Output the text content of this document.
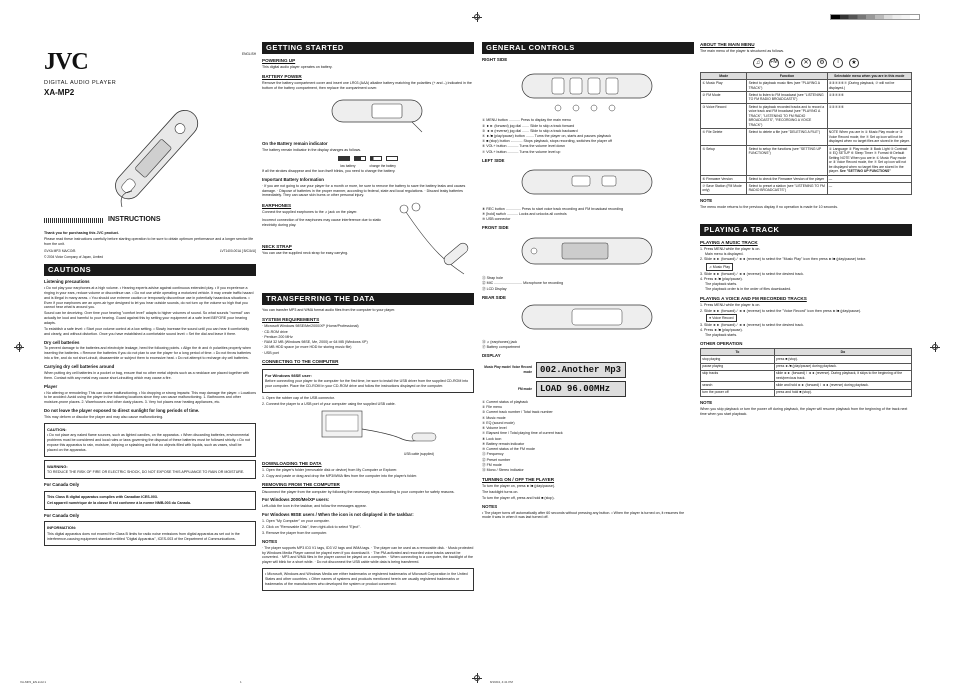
JVC
DIGITAL AUDIO PLAYER
XA-MP2
ENGLISH
INSTRUCTIONS

Thank you for purchasing this JVC product.

Please read these instructions carefully before starting operation to be sure to obtain optimum performance and a longer service life from the unit.

GVXA MP2/ MA/CO/B

© 2004 Victor Company of Japan, Limited

LVT1400-001A [ B/C/A/U]

CAUTIONS

Listening precautions

• Do not play your earphones at a high volume. • Hearing experts advise against continuous extended play. • If you experience a ringing in your ears, reduce volume or discontinue use. • Do not use while operating a motorized vehicle. It may create traffic hazard and is illegal in many areas. • You should use extreme caution or temporarily discontinue use in potentially hazardous situations. • Even if your earphones are an open-air type designed to let you hear outside sounds, do not turn up the volume so high that you cannot hear what is around you.

Sound can be deceiving. Over time your hearing "comfort level" adapts to higher volumes of sound. So what sounds "normal" can actually be loud and harmful to your hearing. Guard against this by setting your equipment at a safe level BEFORE your hearing adapts.

To establish a safe level: • Start your volume control at a low setting. • Slowly increase the sound until you can hear it comfortably and clearly, and without distortion. Once you have established a comfortable sound level: • Set the dial and leave it there.

Dry cell batteries

To prevent damage to the batteries and electrolyte leakage, heed the following points. • Align the ⊕ and ⊖ polarities properly when inserting the batteries. • Remove the batteries if you do not plan to use the player for a long period of time. • Do not throw batteries into a fire, and do not short-circuit, disassemble or subject them to excessive heat. • Do not attempt to recharge dry cell batteries.

Carrying dry cell batteries around

When putting dry cell batteries in a pocket or bag, ensure that no other metal objects such as a necklace are placed together with them. Contact with any metal may cause short-circuiting which may cause a fire.

Player

• No altering or remodeling: This can cause malfunctioning. • No dropping or strong impacts: This may damage the player. • Locations to be avoided: Avoid using the player in the following locations since they can cause malfunctioning. 1. Bathrooms and other moisture-prone places. 2. Warehouses and other dusty places. 3. Very hot places near heating appliances, etc.

Do not leave the player exposed to direct sunlight for long periods of time.

This may deform or discolor the player and may also cause malfunctioning.

CAUTION:

• Do not place any naked flame sources, such as lighted candles, on the apparatus. • When discarding batteries, environmental problems must be considered and local rules or laws governing the disposal of these batteries must be followed strictly. • Do not expose this apparatus to rain, moisture, dripping or splashing and that no objects filled with liquids, such as vases, shall be placed on the apparatus.

WARNING:

TO REDUCE THE RISK OF FIRE OR ELECTRIC SHOCK, DO NOT EXPOSE THIS APPLIANCE TO RAIN OR MOISTURE.

For Canada Only

This Class B digital apparatus complies with Canadian ICES-003.

Cet appareil numérique de la classe B est conforme à la norme NMB-003 du Canada.

For Canada Only

INFORMATION:

This digital apparatus does not exceed the Class B limits for radio noise emissions from digital apparatus as set out in the interference-causing equipment standard entitled "Digital Apparatus", ICES-003 of the Department of Communications.

GETTING STARTED

POWERING UP

This digital audio player operates on battery.

BATTERY POWER

Remove the battery compartment cover and insert one LR03 (AAA) alkaline battery matching the polarities (+ and –) indicated in the bottom of the battery compartment, then replace the compartment cover.

On the Battery remain indicator

The battery remain indicator in the display changes as follows.

low battery	change the battery

If all the strokes disappear and the icon itself blinks, you need to change the battery.

Important Battery Information

· If you are not going to use your player for a month or more, be sure to remove the battery to save the battery leaks and causes damage. · Dispose of batteries in the proper manner, according to federal, state and local regulations. · Discard leaky batteries immediately. They can cause skin burns or other personal injury.

EARPHONES

Connect the supplied earphones to the ♫ jack on the player.

Incorrect connection of the earphones may cause interference due to static electricity during play.

NECK STRAP

You can use the supplied neck strap for easy carrying.

TRANSFERRING THE DATA

You can transfer MP3 and WMA format audio files from the computer to your player.

SYSTEM REQUIREMENTS

· Microsoft Windows 98SE/Me/2000/XP (Home/Professional)

· CD-ROM drive

· Pentium 200 MHz

· RAM 32 MB (Windows 98SE, Me, 2000) or 64 MB (Windows XP)

· 20 MB HDD space (or more HDD for storing music file)

· USB port

CONNECTING TO THE COMPUTER

For Windows 98SE user:

Before connecting your player to the computer for the first time, be sure to install the USB driver from the supplied CD-ROM into your computer. Place the CD-ROM in your CD-ROM drive and follow the instructions displayed on the computer.

1. Open the rubber cap of the USB connector.

2. Connect the player to a USB port of your computer using the supplied USB cable.

USB cable (supplied)

DOWNLOADING THE DATA

1. Open the player's folder (removable disk or device) from My Computer or Explorer.

2. Copy and paste or drag and drop the MP3/WMA files from the computer into the player's folder.

REMOVING FROM THE COMPUTER

Disconnect the player from the computer by following the necessary steps according to your computer for safety reasons.

For Windows 2000/Me/XP users:

Left-click the icon in the taskbar, and follow the messages appear.

For Windows 98SE users / When the icon is not displayed in the taskbar:

1. Open "My Computer" on your computer.

2. Click on "Removable Disk", then right-click to select "Eject".

3. Remove the player from the computer.

NOTES

· The player supports MP3 ID3 V1 tags, ID3 V2 tags and WMA tags. · The player can be used as a removable disk. · Music protected by Windows Media Player cannot be played even if you download it. · The PM-activated and recorded voice tracks cannot be converted. · MP3 and WMA files in the player cannot be played on a computer. · When connecting to a computer, the backlight of the player will blink for a short while. · Do not disconnect the USB cable while data is being transferred.

• Microsoft, Windows and Windows Media are either trademarks or registered trademarks of Microsoft Corporation in the United States and other countries. • Other names of systems and products mentioned herein are usually registered trademarks or trademarks of the manufacturers who developed the system or product concerned.

GENERAL CONTROLS

RIGHT SIDE

① MENU button ........... Press to display the main menu

② ►► (forward) jog dial ....... Slide to skip a track forward

③ ◄◄ (reverse) jog dial ....... Slide to skip a track backward

④ ►/■ (play/pause) button ........ Turns the player on, starts and pauses playback

⑤ ■ (stop) button ............ Stops playback, stops recording, switches the player off

⑥ VOL+ button ........... Turns the volume level down

⑦ VOL+ button ........... Turns the volume level up

LEFT SIDE

⑧ REC button ............... Press to start voice track recording and FM broadcast recording

⑨ [hold] switch ........... Locks and unlocks all controls

⑩ USB connector

FRONT SIDE

⑪ Strap hole

⑫ MIC ............................ Microphone for recording

⑬ LCD Display

REAR SIDE

⑭ ♫ (earphones) jack

⑮ Battery compartment

DISPLAY

Music Play mode/ Voice Record mode 002.Another Mp3

FM mode LOAD 96.00MHz

① Current status of playback

② File menu

③ Current track number / Total track number

④ Music mode

⑤ EQ (sound mode)

⑥ Volume level

⑦ Elapsed time / Total playing time of current track

⑧ Lock icon

⑨ Battery remain indicator

⑩ Current status of the FM mode

⑪ Frequency

⑫ Preset number

⑬ FM mode

⑭ Mono / Stereo indicator

TURNING ON / OFF THE PLAYER

To turn the player on, press ►/■ (play/pause).

The backlight turns on.

To turn the player off, press and hold ■ (stop).

NOTES

• The player turns off automatically after 60 seconds without pressing any button. • When the player is turned on, it resumes the mode it was in when it was last turned off.

ABOUT THE MAIN MENU

The main menu of the player is structured as follows.

♫	FM	●	✕	⚙	i	★
Mode	Function	Selectable menu when you are in this mode
① Music Play	Select to playback music files (see "PLAYING A TRACK")	②③④⑤⑥⑦ (During playback, ⑦ will not be displayed.)
② FM Mode	Select to listen to FM broadcast (see "LISTENING TO FM RADIO BROADCASTS")	①③④⑤⑥
③ Voice Record	Select to playback recorded tracks and to record a voice track and FM broadcast (see "PLAYING A TRACK", "LISTENING TO FM RADIO BROADCASTS", "RECORDING A VOICE TRACK")	①②④⑤⑥
④ File Delete	Select to delete a file (see "DELETING A FILE")	NOTE When you are in ① Music Play mode or ③ Voice Record mode, the ⑦ Set up icon will not be displayed when no target files are stored in the player.
⑤ Setup	Select to setup the functions (see "SETTING UP FUNCTIONS")	① Language ② Play mode ③ Back Light ④ Contrast ⑤ EQ SETUP ⑥ Sleep Timer ⑦ Format ⑧ Default Setting NOTE When you are in ① Music Play mode or ③ Voice Record mode, the ⑦ Set up icon will not be displayed when no target files are stored in the player. See "SETTING UP FUNCTIONS"
⑥ Firmware Version	Select to check the Firmware Version of the player	—
⑦ Save Station (FM Mode only)	Select to preset a station (see "LISTENING TO FM RADIO BROADCASTS")	—

NOTE

The menu mode returns to the previous display if no operation is made for 10 seconds.

PLAYING A TRACK

PLAYING A MUSIC TRACK

1. Press MENU while the player is on.

Main menu is displayed.

2. Slide ►► (forward) / ◄◄ (reverse) to select the "Music Play" icon then press ►/■ (play/pause) twice.

♫ Music Play

3. Slide ►► (forward) / ◄◄ (reverse) to select the desired track.

4. Press ►/■ (play/pause).

The playback starts.

The playback order is in the order of files downloaded.

PLAYING A VOICE AND FM RECORDED TRACKS

1. Press MENU while the player is on.

2. Slide ►► (forward) / ◄◄ (reverse) to select the "Voice Record" icon then press ►/■ (play/pause).

● Voice Record

3. Slide ►► (forward) / ◄◄ (reverse) to select the desired track.

4. Press ►/■ (play/pause).

The playback starts.

OTHER OPERATION

To	Do
stop playing	press ■ (stop).
pause playing	press ►/■ (play/pause) during playback.
skip tracks	slide ►► (forward) / ◄◄ (reverse). During playback, it skips to the beginning of the next/previous track.
search	slide and hold ►► (forward) / ◄◄ (reverse) during playback.
turn the power off	press and hold ■ (stop).

NOTE

When you skip playback or turn the power off during playback, the player will resume playback from the beginning of the track next time when you start playback.

XA-MP2_EN.indd 1	1	8/19/04, 4:41 PM
